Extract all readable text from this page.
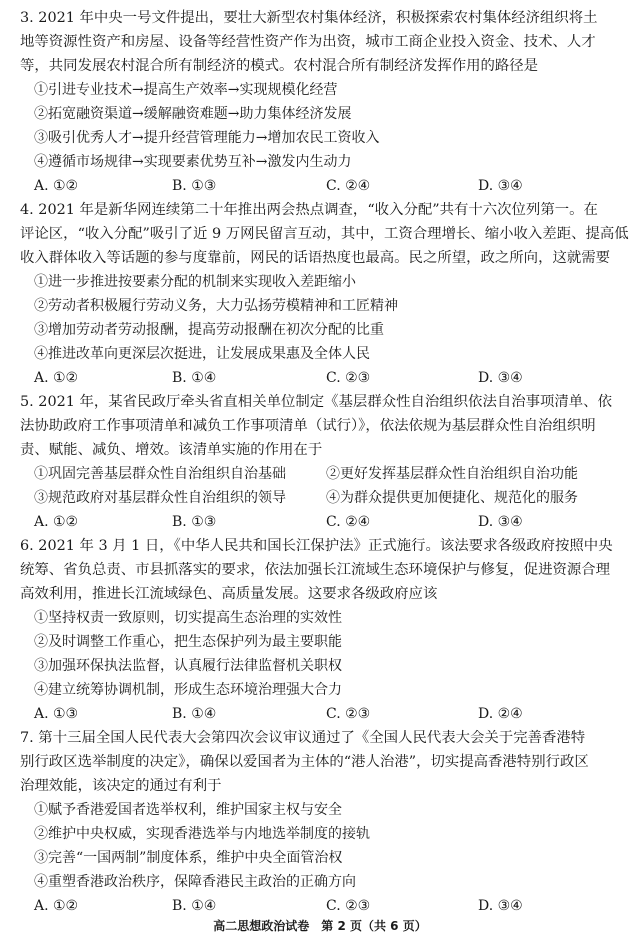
3. 2021 年中央一号文件提出，要壮大新型农村集体经济，积极探索农村集体经济组织将土
地等资源性资产和房屋、设备等经营性资产作为出资，城市工商企业投入资金、技术、人才
等，共同发展农村混合所有制经济的模式。农村混合所有制经济发挥作用的路径是
①引进专业技术→提高生产效率→实现规模化经营
②拓宽融资渠道→缓解融资难题→助力集体经济发展
③吸引优秀人才→提升经营管理能力→增加农民工资收入
④遵循市场规律→实现要素优势互补→激发内生动力
A. ①②	B. ①③	C. ②④	D. ③④
4. 2021 年是新华网连续第二十年推出两会热点调查，“收入分配”共有十六次位列第一。在
评论区，“收入分配”吸引了近 9 万网民留言互动，其中，工资合理增长、缩小收入差距、提高低
收入群体收入等话题的参与度靠前，网民的话语热度也最高。民之所望，政之所向，这就需要
①进一步推进按要素分配的机制来实现收入差距缩小
②劳动者积极履行劳动义务，大力弘扬劳模精神和工匠精神
③增加劳动者劳动报酬，提高劳动报酬在初次分配的比重
④推进改革向更深层次挺进，让发展成果惠及全体人民
A. ①②	B. ①④	C. ②③	D. ③④
5. 2021 年，某省民政厅牵头省直相关单位制定《基层群众性自治组织依法自治事项清单、依
法协助政府工作事项清单和减负工作事项清单（试行）》，依法依规为基层群众性自治组织明
责、赋能、减负、增效。该清单实施的作用在于
①巩固完善基层群众性自治组织自治基础	②更好发挥基层群众性自治组织自治功能
③规范政府对基层群众性自治组织的领导	④为群众提供更加便捷化、规范化的服务
A. ①②	B. ①③	C. ②④	D. ③④
6. 2021 年 3 月 1 日，《中华人民共和国长江保护法》正式施行。该法要求各级政府按照中央
统筹、省负总责、市县抓落实的要求，依法加强长江流域生态环境保护与修复，促进资源合理
高效利用，推进长江流域绿色、高质量发展。这要求各级政府应该
①坚持权责一致原则，切实提高生态治理的实效性
②及时调整工作重心，把生态保护列为最主要职能
③加强环保执法监督，认真履行法律监督机关职权
④建立统筹协调机制，形成生态环境治理强大合力
A. ①③	B. ①④	C. ②③	D. ②④
7. 第十三届全国人民代表大会第四次会议审议通过了《全国人民代表大会关于完善香港特
别行政区选举制度的决定》，确保以爱国者为主体的“港人治港”，切实提高香港特别行政区
治理效能，该决定的通过有利于
①赋予香港爱国者选举权利，维护国家主权与安全
②维护中央权威，实现香港选举与内地选举制度的接轨
③完善“一国两制”制度体系，维护中央全面管治权
④重塑香港政治秩序，保障香港民主政治的正确方向
A. ①②	B. ①④	C. ②③	D. ③④
高二思想政治试卷　第 2 页（共 6 页）
